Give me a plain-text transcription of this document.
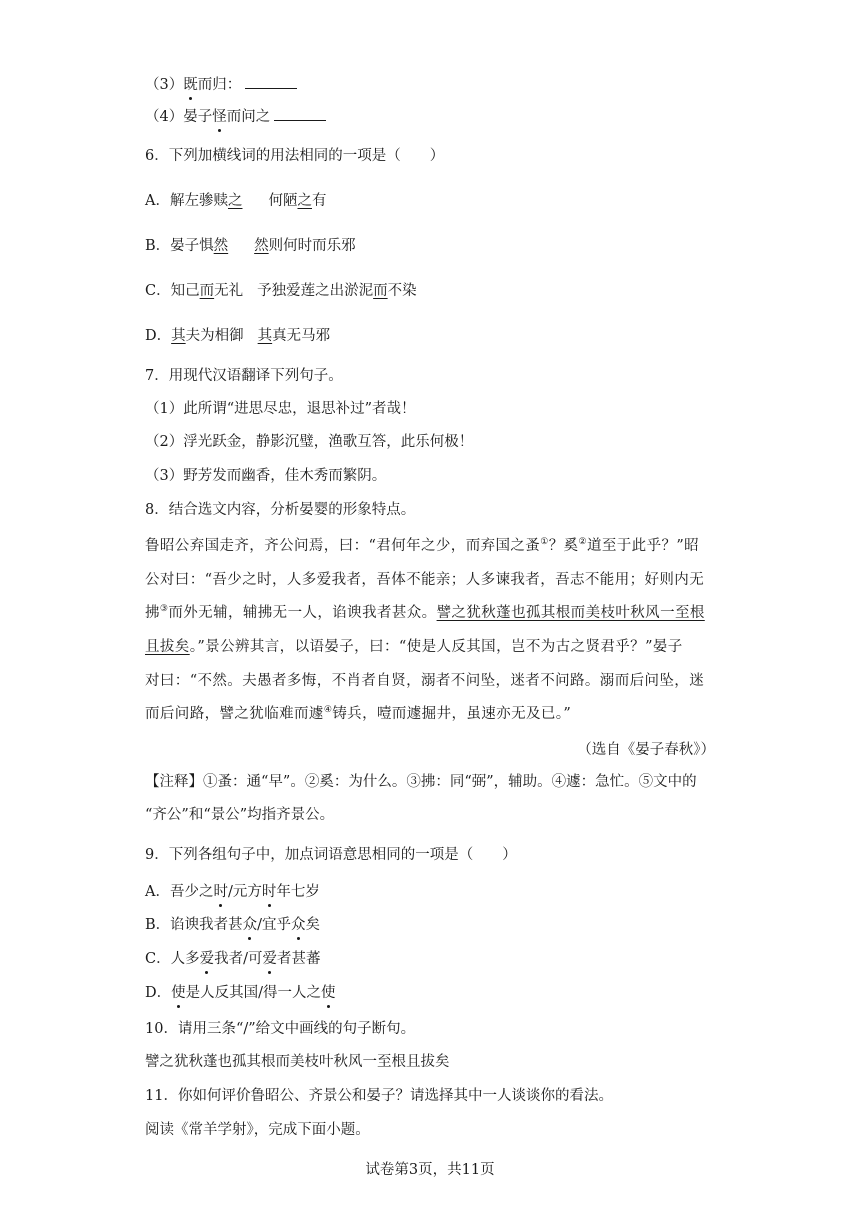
（3）既而归：
（4）晏子怪而问之
6．下列加横线词的用法相同的一项是（　　）
A．解左骖赎之 何陋之有
B．晏子惧然 然则何时而乐邪
C．知己而无礼 予独爱莲之出淤泥而不染
D．其夫为相御 其真无马邪
7．用现代汉语翻译下列句子。
（1）此所谓“进思尽忠，退思补过”者哉！
（2）浮光跃金，静影沉璧，渔歌互答，此乐何极！
（3）野芳发而幽香，佳木秀而繁阴。
8．结合选文内容，分析晏婴的形象特点。
鲁昭公弃国走齐，齐公问焉，曰：“君何年之少，而弃国之蚤①？奚②道至于此乎？”昭
公对曰：“吾少之时，人多爱我者，吾体不能亲；人多谏我者，吾志不能用；好则内无
拂③而外无辅，辅拂无一人，谄谀我者甚众。譬之犹秋蓬也孤其根而美枝叶秋风一至根
且拔矣。”景公辨其言，以语晏子，曰：“使是人反其国，岂不为古之贤君乎？”晏子
对曰：“不然。夫愚者多悔，不肖者自贤，溺者不问坠，迷者不问路。溺而后问坠，迷
而后问路，譬之犹临难而遽④铸兵，噎而遽掘井，虽速亦无及已。”
（选自《晏子春秋》）
【注释】①蚤：通“早”。②奚：为什么。③拂：同“弼”，辅助。④遽：急忙。⑤文中的
“齐公”和“景公”均指齐景公。
9．下列各组句子中，加点词语意思相同的一项是（　　）
A．吾少之时/元方时年七岁
B．谄谀我者甚众/宜乎众矣
C．人多爱我者/可爱者甚蕃
D．使是人反其国/得一人之使
10．请用三条“/”给文中画线的句子断句。
譬之犹秋蓬也孤其根而美枝叶秋风一至根且拔矣
11．你如何评价鲁昭公、齐景公和晏子？请选择其中一人谈谈你的看法。
阅读《常羊学射》，完成下面小题。
试卷第3页，共11页
